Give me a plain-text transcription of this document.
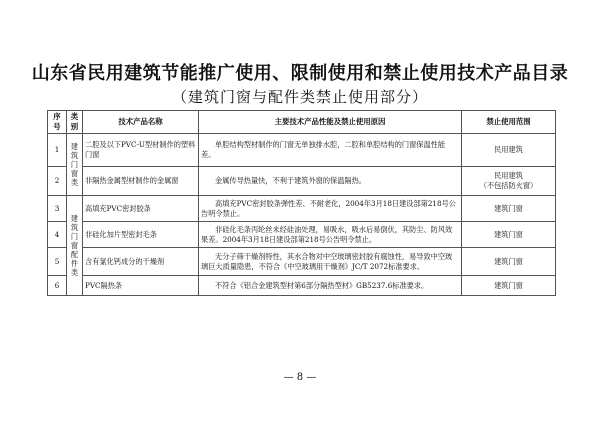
山东省民用建筑节能推广使用、限制使用和禁止使用技术产品目录
（建筑门窗与配件类禁止使用部分）
序号	类别	技术产品名称	主要技术产品性能及禁止使用原因	禁止使用范围
1	建筑门窗类	二腔及以下PVC-U型材制作的塑料门窗	单腔结构型材制作的门窗无单独排水腔，二腔和单腔结构的门窗保温性能差。	民用建筑
2		非隔热金属型材制作的金属窗	金属传导热量快，不利于建筑外窗的保温隔热。	民用建筑
（不包括防火窗）

3	建筑门窗配件类	高填充PVC密封胶条	高填充PVC密封胶条弹性差、不耐老化，2004年3月18日建设部第218号公告明令禁止。	建筑门窗
4		非硅化加片型密封毛条	非硅化毛条丙纶丝未经硅油处理，易吸水，吸水后易倒伏，其防尘、防风效果差。2004年3月18日建设部第218号公告明令禁止。	建筑门窗
5		含有氯化钙成分的干燥剂	无分子筛干燥剂特性，其水合物对中空玻璃密封胶有腐蚀性，易导致中空玻璃巨大质量隐患，不符合《中空玻璃用干燥剂》JC/T 2072标准要求。	建筑门窗
6		PVC隔热条	不符合《铝合金建筑型材第6部分隔热型材》GB5237.6标准要求。	建筑门窗
— 8 —
